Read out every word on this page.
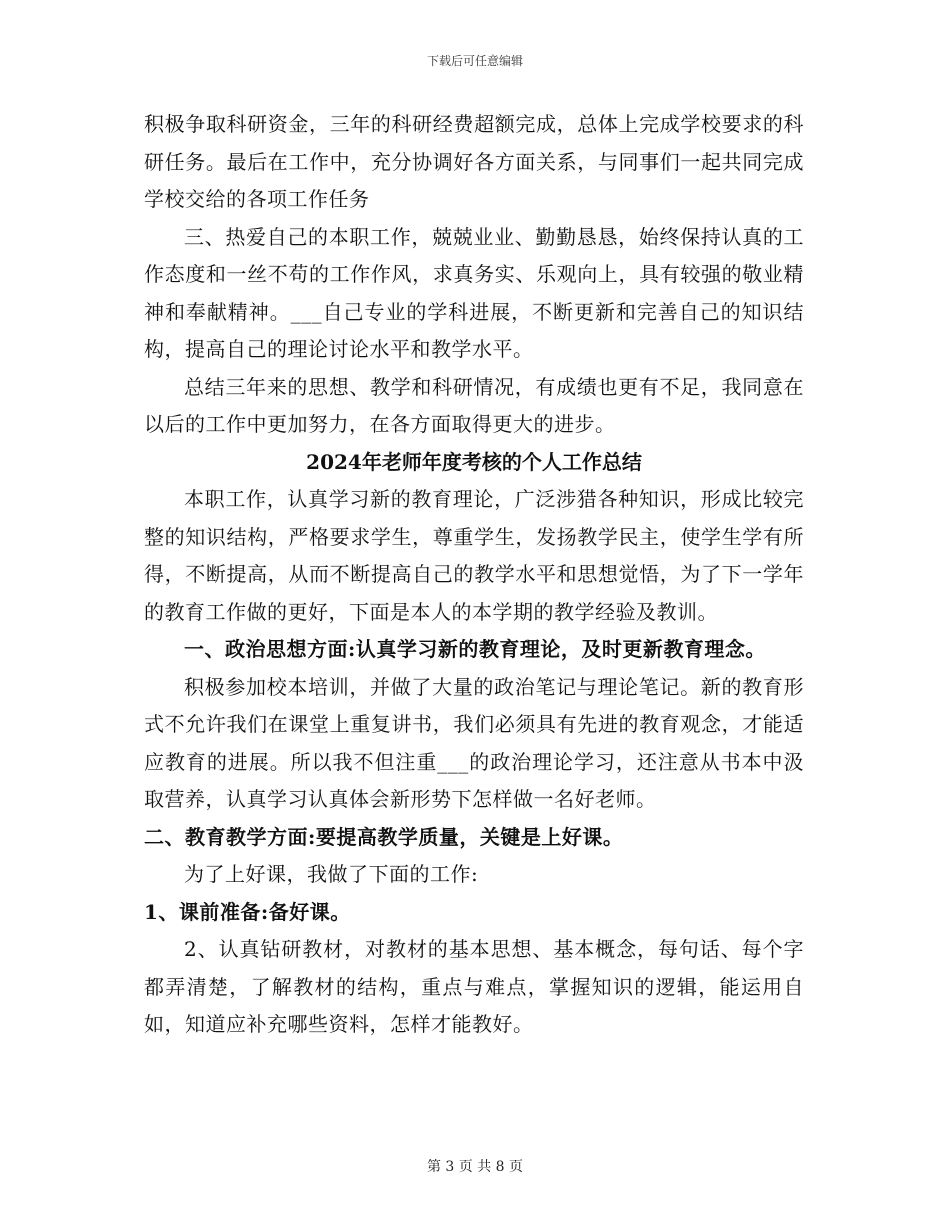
下载后可任意编辑

积极争取科研资金，三年的科研经费超额完成，总体上完成学校要求的科研任务。最后在工作中，充分协调好各方面关系，与同事们一起共同完成学校交给的各项工作任务

三、热爱自己的本职工作，兢兢业业、勤勤恳恳，始终保持认真的工作态度和一丝不苟的工作作风，求真务实、乐观向上，具有较强的敬业精神和奉献精神。___自己专业的学科进展，不断更新和完善自己的知识结构，提高自己的理论讨论水平和教学水平。

总结三年来的思想、教学和科研情况，有成绩也更有不足，我同意在以后的工作中更加努力，在各方面取得更大的进步。

2024年老师年度考核的个人工作总结

本职工作，认真学习新的教育理论，广泛涉猎各种知识，形成比较完整的知识结构，严格要求学生，尊重学生，发扬教学民主，使学生学有所得，不断提高，从而不断提高自己的教学水平和思想觉悟，为了下一学年的教育工作做的更好，下面是本人的本学期的教学经验及教训。

一、政治思想方面:认真学习新的教育理论，及时更新教育理念。

积极参加校本培训，并做了大量的政治笔记与理论笔记。新的教育形式不允许我们在课堂上重复讲书，我们必须具有先进的教育观念，才能适应教育的进展。所以我不但注重___的政治理论学习，还注意从书本中汲取营养，认真学习认真体会新形势下怎样做一名好老师。

二、教育教学方面:要提高教学质量，关键是上好课。

为了上好课，我做了下面的工作:

1、课前准备:备好课。

2、认真钻研教材，对教材的基本思想、基本概念，每句话、每个字都弄清楚，了解教材的结构，重点与难点，掌握知识的逻辑，能运用自如，知道应补充哪些资料，怎样才能教好。

第 3 页 共 8 页
